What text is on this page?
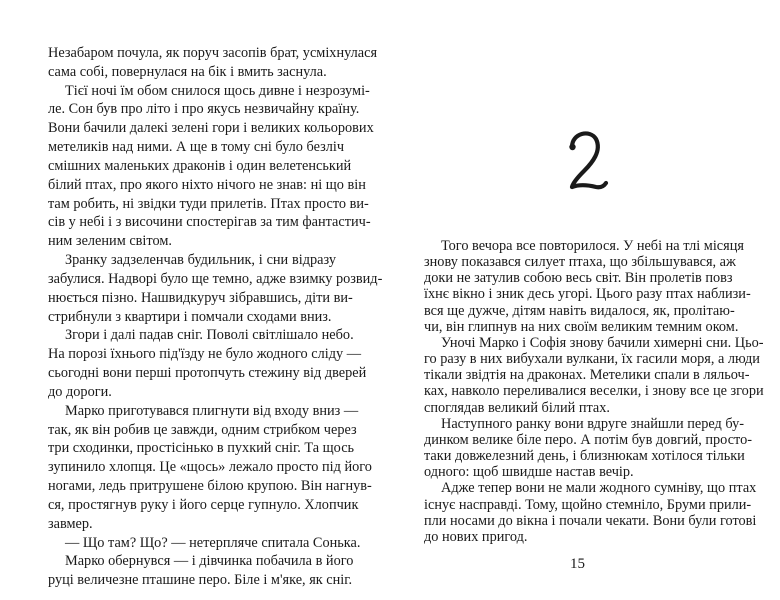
Незабаром почула, як поруч засопів брат, усміхнулася
сама собі, повернулася на бік і вмить заснула.
Тієї ночі їм обом снилося щось дивне і незрозумі-
ле. Сон був про літо і про якусь незвичайну країну.
Вони бачили далекі зелені гори і великих кольорових
метеликів над ними. А ще в тому сні було безліч
смішних маленьких драконів і один велетенський
білий птах, про якого ніхто нічого не знав: ні що він
там робить, ні звідки туди прилетів. Птах просто ви-
сів у небі і з височини спостерігав за тим фантастич-
ним зеленим світом.
Зранку задзеленчав будильник, і сни відразу
забулися. Надворі було ще темно, адже взимку розвид-
нюється пізно. Нашвидкуруч зібравшись, діти ви-
стрибнули з квартири і помчали сходами вниз.
Згори і далі падав сніг. Поволі світлішало небо.
На порозі їхнього під'їзду не було жодного сліду —
сьогодні вони перші протопчуть стежину від дверей
до дороги.
Марко приготувався плигнути від входу вниз —
так, як він робив це завжди, одним стрибком через
три сходинки, простісінько в пухкий сніг. Та щось
зупинило хлопця. Це «щось» лежало просто під його
ногами, ледь притрушене білою крупою. Він нагнув-
ся, простягнув руку і його серце гупнуло. Хлопчик
завмер.
— Що там? Що? — нетерпляче спитала Сонька.
Марко обернувся — і дівчинка побачила в його
руці величезне пташине перо. Біле і м'яке, як сніг.
Того вечора все повторилося. У небі на тлі місяця
знову показався силует птаха, що збільшувався, аж
доки не затулив собою весь світ. Він пролетів повз
їхнє вікно і зник десь угорі. Цього разу птах наблизи-
вся ще дужче, дітям навіть видалося, як, пролітаю-
чи, він глипнув на них своїм великим темним оком.
Уночі Марко і Софія знову бачили химерні сни. Цьо-
го разу в них вибухали вулкани, їх гасили моря, а люди
тікали звідтія на драконах. Метелики спали в ляльоч-
ках, навколо переливалися веселки, і знову все це згори
споглядав великий білий птах.
Наступного ранку вони вдруге знайшли перед бу-
динком велике біле перо. А потім був довгий, просто-
таки довжелезний день, і близнюкам хотілося тільки
одного: щоб швидше настав вечір.
15
Адже тепер вони не мали жодного сумніву, що птах
існує насправді. Тому, щойно стемніло, Бруми прили-
пли носами до вікна і почали чекати. Вони були готові
до нових пригод.
